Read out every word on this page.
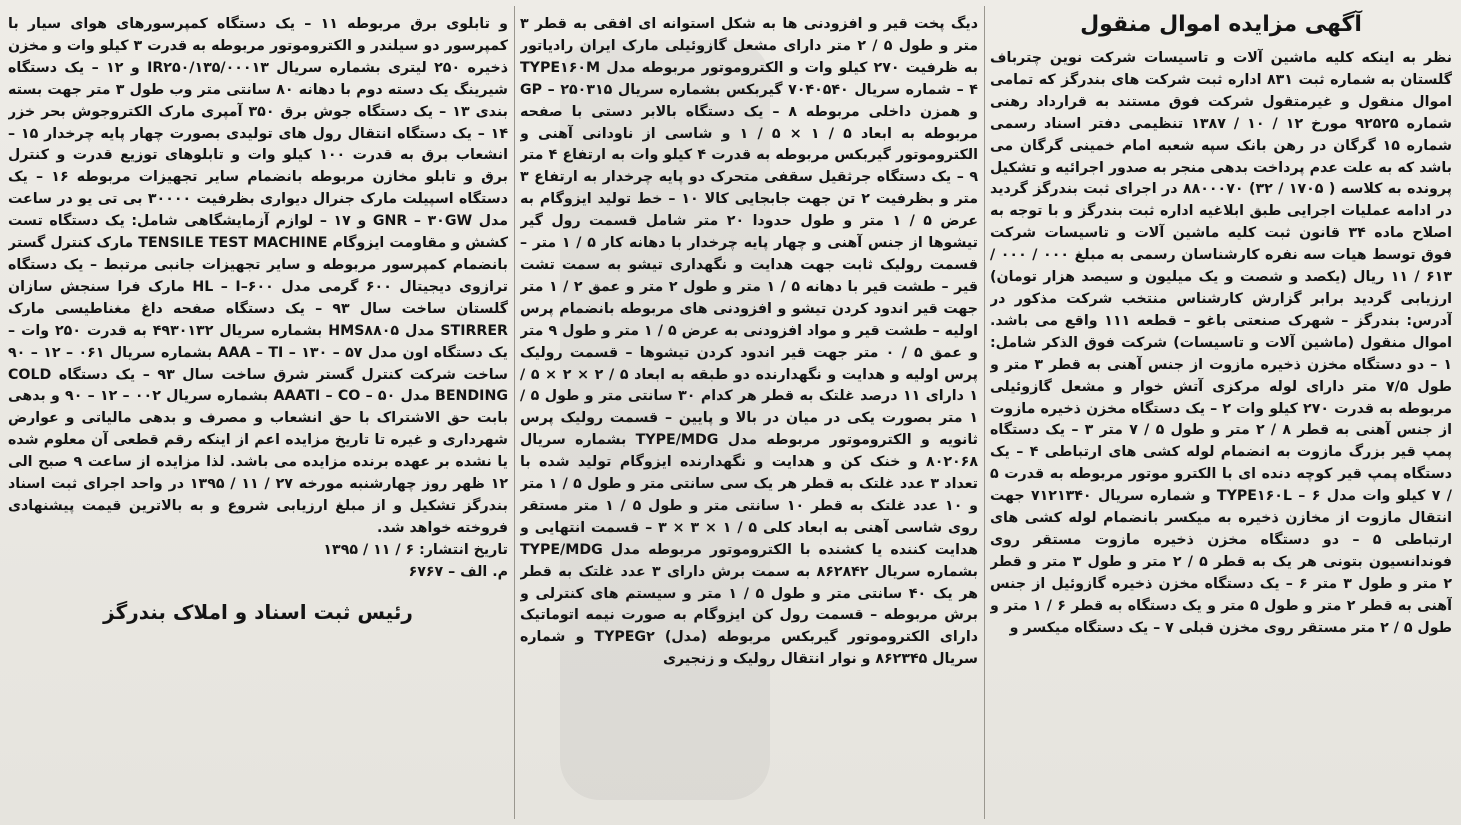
آگهی مزایده اموال منقول
نظر به اینکه کلیه ماشین آلات و تاسیسات شرکت نوین چترباف گلستان به شماره ثبت ۸۳۱ اداره ثبت شرکت های بندرگز که تمامی اموال منقول و غیرمتقول شرکت فوق مستند به قرارداد رهنی شماره ۹۲۵۲۵ مورخ ۱۲ / ۱۰ / ۱۳۸۷ تنظیمی دفتر اسناد رسمی شماره ۱۵ گرگان در رهن بانک سپه شعبه امام خمینی گرگان می باشد که به علت عدم پرداخت بدهی منجر به صدور اجرائیه و تشکیل پرونده به کلاسه ( ۱۷۰۵ / ۳۲) ۸۸۰۰۰۷۰ در اجرای ثبت بندرگز گردید در ادامه عملیات اجرایی طبق ابلاغیه اداره ثبت بندرگز و با توجه به اصلاح ماده ۳۴ قانون ثبت کلیه ماشین آلات و تاسیسات شرکت فوق توسط هیات سه نفره کارشناسان رسمی به مبلغ ۰۰۰ / ۰۰۰ / ۶۱۳ / ۱۱ ریال (یکصد و شصت و یک میلیون و سیصد هزار تومان) ارزیابی گردید برابر گزارش کارشناس منتخب شرکت مذکور در آدرس: بندرگز – شهرک صنعتی باغو – قطعه ۱۱۱ واقع می باشد. اموال منقول (ماشین آلات و تاسیسات) شرکت فوق الذکر شامل: ۱ – دو دستگاه مخزن ذخیره مازوت از جنس آهنی به قطر ۳ متر و طول ۷/۵ متر دارای لوله مرکزی آتش خوار و مشعل گازوئیلی مربوطه به قدرت ۲۷۰ کیلو وات ۲ – یک دستگاه مخزن ذخیره مازوت از جنس آهنی به قطر ۸ / ۲ متر و طول ۵ / ۷ متر ۳ – یک دستگاه پمپ قیر بزرگ مازوت به انضمام لوله کشی های ارتباطی ۴ – یک دستگاه پمپ قیر کوچه دنده ای با الکترو موتور مربوطه به قدرت ۵ / ۷ کیلو وات مدل ۶ – TYPE۱۶۰L و شماره سریال ۷۱۲۱۳۴۰ جهت انتقال مازوت از مخازن ذخیره به میکسر بانضمام لوله کشی های ارتباطی ۵ – دو دستگاه مخزن ذخیره مازوت مستقر روی فوندانسیون بتونی هر یک به قطر ۵ / ۲ متر و طول ۳ متر و قطر ۲ متر و طول ۳ متر ۶ – یک دستگاه مخزن ذخیره گازوئیل از جنس آهنی به قطر ۲ متر و طول ۵ متر و یک دستگاه به قطر ۶ / ۱ متر و طول ۵ / ۲ متر مستقر روی مخزن قبلی ۷ – یک دستگاه میکسر و
دیگ پخت قیر و افزودنی ها به شکل استوانه ای افقی به قطر ۳ متر و طول ۵ / ۲ متر دارای مشعل گازوئیلی مارک ایران رادیاتور به ظرفیت ۲۷۰ کیلو وات و الکتروموتور مربوطه مدل TYPE۱۶۰M – ۴ شماره سریال ۷۰۴۰۵۴۰ گیربکس بشماره سریال GP – ۲۵۰۳۱۵ و همزن داخلی مربوطه ۸ – یک دستگاه بالابر دستی با صفحه مربوطه به ابعاد ۵ / ۱ × ۵ / ۱ و شاسی از ناودانی آهنی و الکتروموتور گیربکس مربوطه به قدرت ۴ کیلو وات به ارتفاع ۴ متر ۹ – یک دستگاه جرثقیل سقفی متحرک دو پایه چرخدار به ارتفاع ۳ متر و بظرفیت ۲ تن جهت جابجایی کالا ۱۰ – خط تولید ایزوگام به عرض ۵ / ۱ متر و طول حدودا ۲۰ متر شامل قسمت رول گیر تیشوها از جنس آهنی و چهار پایه چرخدار با دهانه کار ۵ / ۱ متر – قسمت رولیک ثابت جهت هدایت و نگهداری تیشو به سمت تشت قیر – طشت قیر با دهانه ۵ / ۱ متر و طول ۲ متر و عمق ۲ / ۱ متر جهت قیر اندود کردن تیشو و افزودنی های مربوطه بانضمام پرس اولیه – طشت قیر و مواد افزودنی به عرض ۵ / ۱ متر و طول ۹ متر و عمق ۵ / ۰ متر جهت قیر اندود کردن تیشوها – قسمت رولیک پرس اولیه و هدایت و نگهدارنده دو طبقه به ابعاد ۵ / ۲ × ۲ × ۵ / ۱ دارای ۱۱ درصد غلتک به قطر هر کدام ۳۰ سانتی متر و طول ۵ / ۱ متر بصورت یکی در میان در بالا و پایین – قسمت رولیک پرس ثانویه و الکتروموتور مربوطه مدل TYPE/MDG بشماره سریال ۸۰۲۰۶۸ و خنک کن و هدایت و نگهدارنده ایزوگام تولید شده با تعداد ۳ عدد غلتک به قطر هر یک سی سانتی متر و طول ۵ / ۱ متر و ۱۰ عدد غلتک به قطر ۱۰ سانتی متر و طول ۵ / ۱ متر مستقر روی شاسی آهنی به ابعاد کلی ۵ / ۱ × ۳ × ۳ – قسمت انتهایی و هدایت کننده یا کشنده با الکتروموتور مربوطه مدل TYPE/MDG بشماره سریال ۸۶۲۸۴۲ به سمت برش دارای ۳ عدد غلتک به قطر هر یک ۴۰ سانتی متر و طول ۵ / ۱ متر و سیستم های کنترلی و برش مربوطه – قسمت رول کن ایزوگام به صورت نیمه اتوماتیک دارای الکتروموتور گیربکس مربوطه (مدل) TYPEG۲ و شماره سریال ۸۶۲۳۴۵ و نوار انتقال رولیک و زنجیری
و تابلوی برق مربوطه ۱۱ – یک دستگاه کمپرسورهای هوای سیار با کمپرسور دو سیلندر و الکتروموتور مربوطه به قدرت ۳ کیلو وات و مخزن ذخیره ۲۵۰ لیتری بشماره سریال IR۲۵۰/۱۳۵/۰۰۰۱۳ و ۱۲ – یک دستگاه شیرینگ یک دسته دوم با دهانه ۸۰ سانتی متر وب طول ۳ متر جهت بسته بندی ۱۳ – یک دستگاه جوش برق ۳۵۰ آمپری مارک الکتروجوش بحر خزر ۱۴ – یک دستگاه انتقال رول های تولیدی بصورت چهار پایه چرخدار ۱۵ – انشعاب برق به قدرت ۱۰۰ کیلو وات و تابلوهای توزیع قدرت و کنترل برق و تابلو مخازن مربوطه بانضمام سایر تجهیزات مربوطه ۱۶ – یک دستگاه اسپیلت مارک جنرال دیواری بظرفیت ۳۰۰۰۰ بی تی یو در ساعت مدل GNR – ۳۰GW و ۱۷ – لوازم آزمایشگاهی شامل: یک دستگاه تست کشش و مقاومت ایزوگام TENSILE TEST MACHINE مارک کنترل گستر بانضمام کمپرسور مربوطه و سایر تجهیزات جانبی مرتبط – یک دستگاه ترازوی دیجیتال ۶۰۰ گرمی مدل HL – I–۶۰۰ مارک فرا سنجش سازان گلستان ساخت سال ۹۳ – یک دستگاه صفحه داغ مغناطیسی مارک STIRRER مدل HMS۸۸۰۵ بشماره سریال ۴۹۳۰۱۳۲ به قدرت ۲۵۰ وات – یک دستگاه اون مدل ۵۷ – ۱۳۰ – AAA – TI بشماره سریال ۰۶۱ – ۱۲ – ۹۰ ساخت شرکت کنترل گستر شرق ساخت سال ۹۳ – یک دستگاه COLD BENDING مدل AAATI – CO – ۵۰ بشماره سریال ۰۰۲ – ۱۲ – ۹۰ و بدهی بابت حق الاشتراک با حق انشعاب و مصرف و بدهی مالیاتی و عوارض شهرداری و غیره تا تاریخ مزایده اعم از اینکه رقم قطعی آن معلوم شده یا نشده بر عهده برنده مزایده می باشد. لذا مزایده از ساعت ۹ صبح الی ۱۲ ظهر روز چهارشنبه مورخه ۲۷ / ۱۱ / ۱۳۹۵ در واحد اجرای ثبت اسناد بندرگز تشکیل و از مبلغ ارزیابی شروع و به بالاترین قیمت پیشنهادی فروخته خواهد شد.
تاریخ انتشار: ۶ / ۱۱ / ۱۳۹۵
م. الف – ۶۷۶۷
رئیس ثبت اسناد و املاک بندرگز
